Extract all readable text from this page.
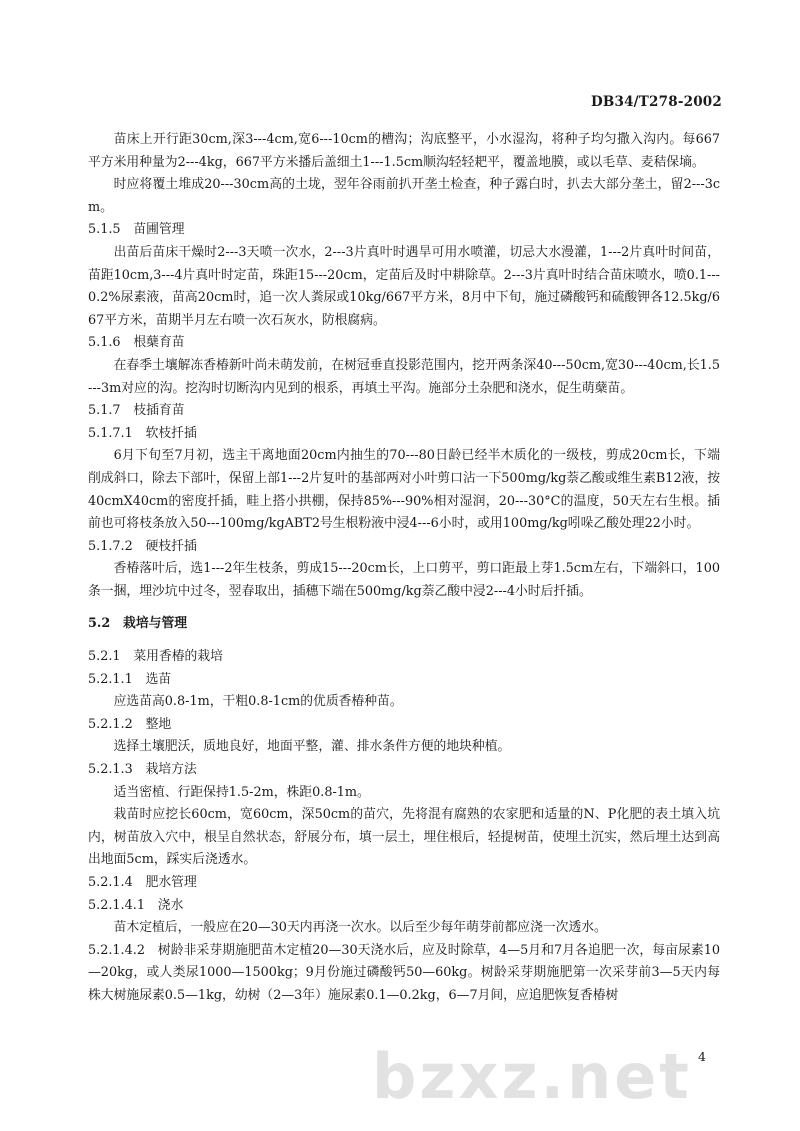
DB34/T278-2002

苗床上开行距30cm,深3---4cm,宽6---10cm的槽沟；沟底整平，小水湿沟，将种子均匀撒入沟内。每667平方米用种量为2---4kg，667平方米播后盖细土1---1.5cm顺沟轻轻耙平，覆盖地膜，或以毛草、麦秸保墒。

时应将覆土堆成20---30cm高的土垅，翌年谷雨前扒开垄土检查，种子露白时，扒去大部分垄土，留2---3cm。

5.1.5　苗圃管理

出苗后苗床干燥时2---3天喷一次水，2---3片真叶时遇旱可用水喷灌，切忌大水漫灌，1---2片真叶时间苗，苗距10cm,3---4片真叶时定苗，珠距15---20cm，定苗后及时中耕除草。2---3片真叶时结合苗床喷水，喷0.1---0.2%尿素液，苗高20cm时，追一次人粪尿或10kg/667平方米，8月中下旬，施过磷酸钙和硫酸钾各12.5kg/667平方米，苗期半月左右喷一次石灰水，防根腐病。

5.1.6　根蘖育苗

在春季土壤解冻香椿新叶尚未萌发前，在树冠垂直投影范围内，挖开两条深40---50cm,宽30---40cm,长1.5---3m对应的沟。挖沟时切断沟内见到的根系，再填土平沟。施部分土杂肥和浇水，促生萌蘖苗。

5.1.7　枝插育苗

5.1.7.1　软枝扦插

6月下旬至7月初，选主干离地面20cm内抽生的70---80日龄已经半木质化的一级枝，剪成20cm长，下端削成斜口，除去下部叶，保留上部1---2片复叶的基部两对小叶剪口沾一下500mg/kg萘乙酸或维生素B12液，按40cmX40cm的密度扦插，畦上搭小拱棚，保持85%---90%相对湿润，20---30°C的温度，50天左右生根。插前也可将枝条放入50---100mg/kgABT2号生根粉液中浸4---6小时，或用100mg/kg吲哚乙酸处理22小时。

5.1.7.2　硬枝扦插

香椿落叶后，选1---2年生枝条，剪成15---20cm长，上口剪平，剪口距最上芽1.5cm左右，下端斜口，100条一捆，埋沙坑中过冬，翌春取出，插穗下端在500mg/kg萘乙酸中浸2---4小时后扦插。

5.2　栽培与管理

5.2.1　菜用香椿的栽培

5.2.1.1　选苗

应选苗高0.8-1m，干粗0.8-1cm的优质香椿种苗。

5.2.1.2　整地

选择土壤肥沃，质地良好，地面平整，灌、排水条件方便的地块种植。

5.2.1.3　栽培方法

适当密植、行距保持1.5-2m，株距0.8-1m。

栽苗时应挖长60cm，宽60cm，深50cm的苗穴，先将混有腐熟的农家肥和适量的N、P化肥的表土填入坑内，树苗放入穴中，根呈自然状态，舒展分布，填一层土，埋住根后，轻提树苗，使埋土沉实，然后埋土达到高出地面5cm，踩实后浇透水。

5.2.1.4　肥水管理

5.2.1.4.1　浇水

苗木定植后，一般应在20—30天内再浇一次水。以后至少每年萌芽前都应浇一次透水。

5.2.1.4.2　树龄非采芽期施肥苗木定植20—30天浇水后，应及时除草，4—5月和7月各追肥一次，每亩尿素10—20kg，或人类尿1000—1500kg；9月份施过磷酸钙50—60kg。树龄采芽期施肥第一次采芽前3—5天内每株大树施尿素0.5—1kg，幼树（2—3年）施尿素0.1—0.2kg，6—7月间，应追肥恢复香椿树

bzxz.net 4
